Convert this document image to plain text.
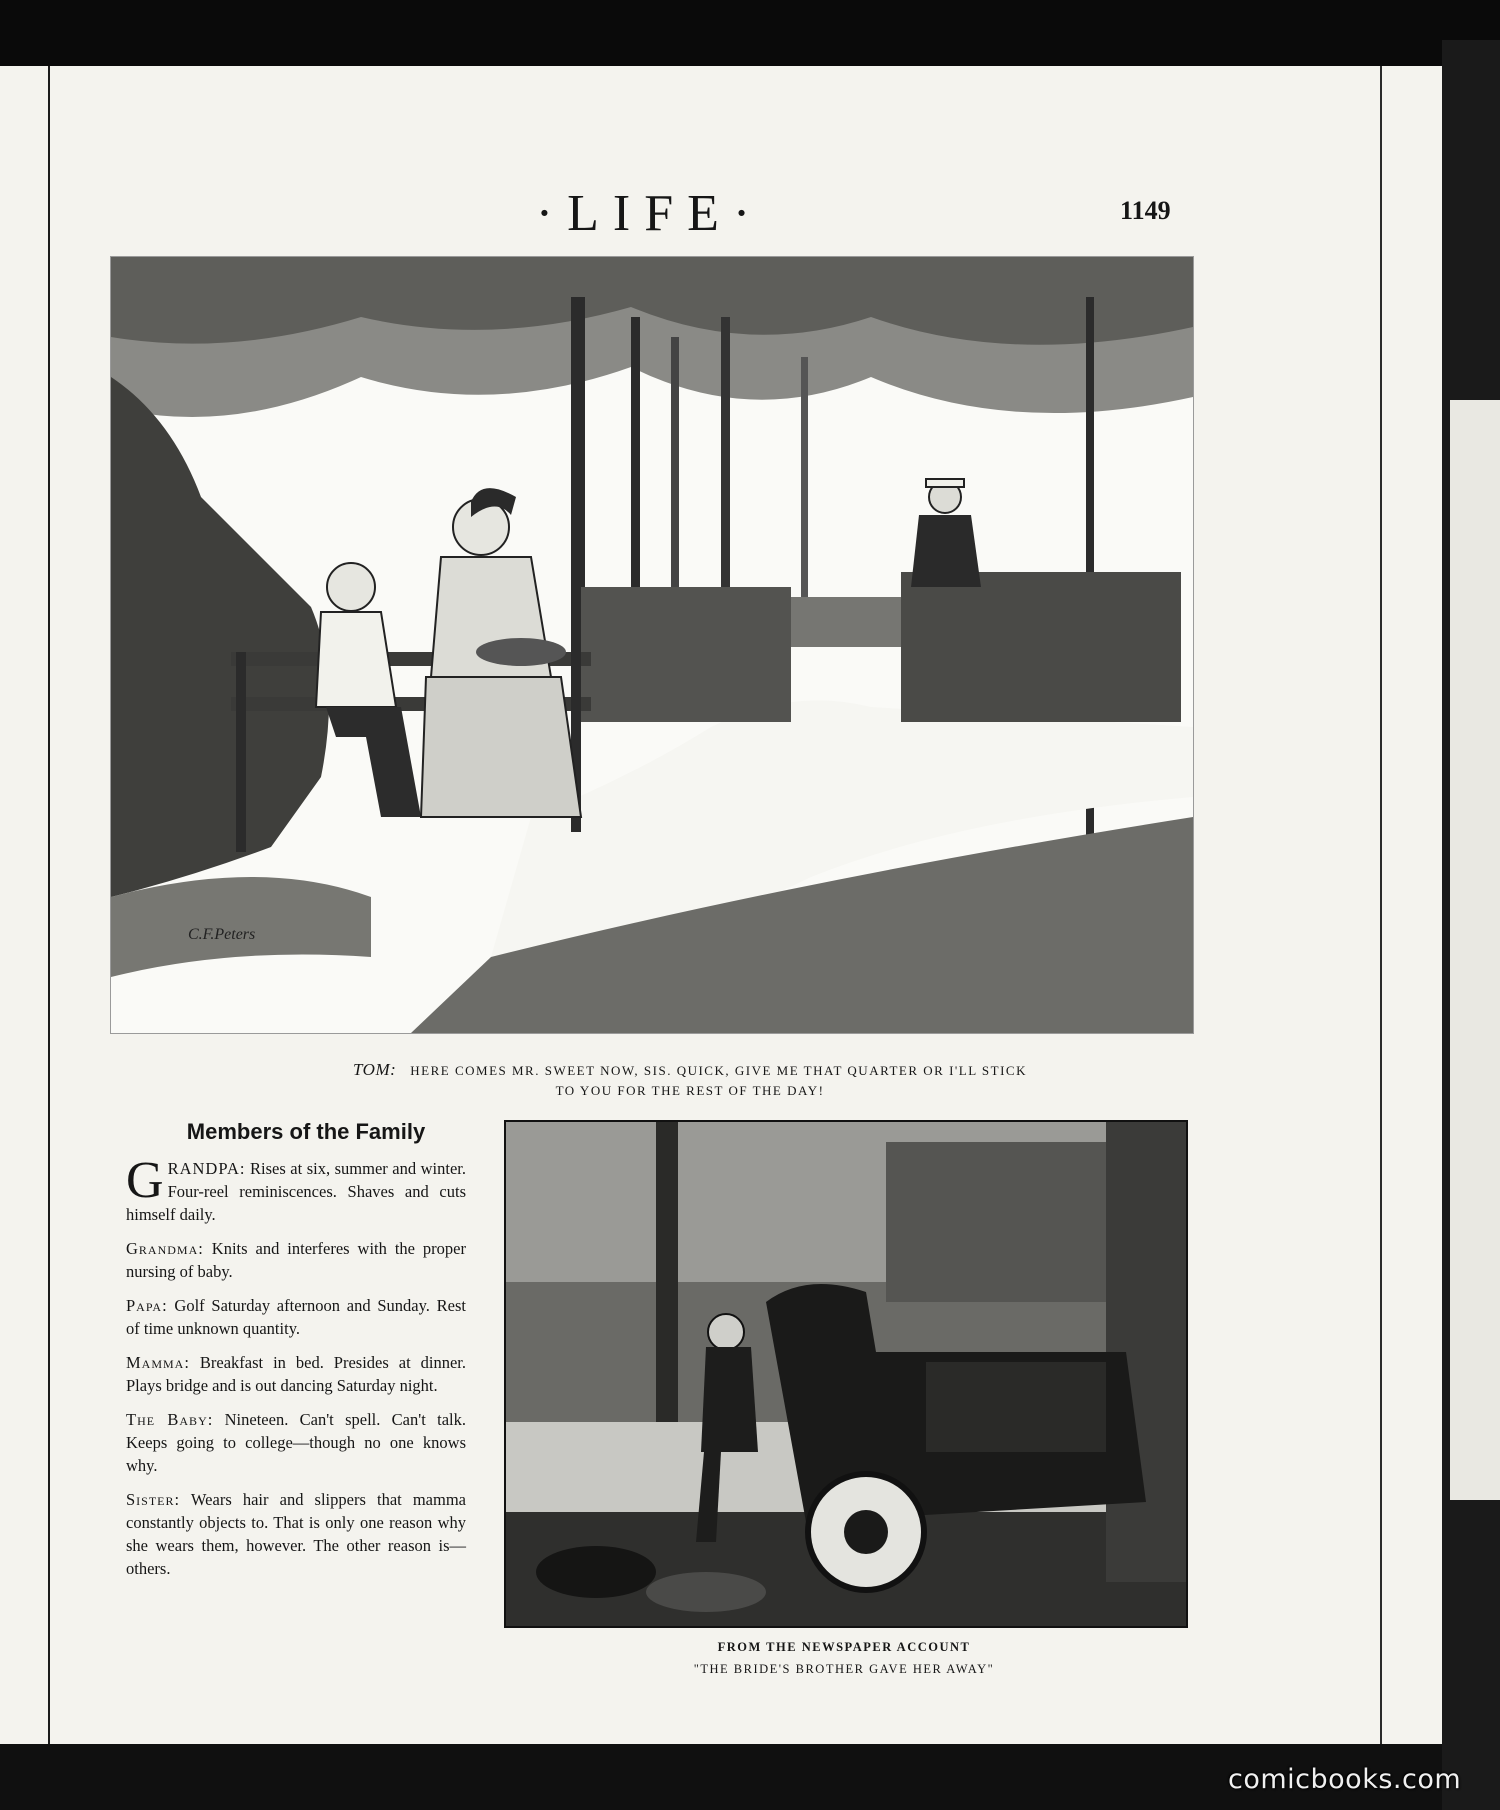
·LIFE·	1149
TOM: HERE COMES MR. SWEET NOW, SIS. QUICK, GIVE ME THAT QUARTER OR I'LL STICK
TO YOU FOR THE REST OF THE DAY!
Members of the Family

GRANDPA: Rises at six, summer and winter. Four-reel reminiscences. Shaves and cuts himself daily.

Grandma: Knits and interferes with the proper nursing of baby.

Papa: Golf Saturday afternoon and Sunday. Rest of time unknown quantity.

Mamma: Breakfast in bed. Presides at dinner. Plays bridge and is out dancing Saturday night.

The Baby: Nineteen. Can't spell. Can't talk. Keeps going to college—though no one knows why.

Sister: Wears hair and slippers that mamma constantly objects to. That is only one reason why she wears them, however. The other reason is—others.

FROM THE NEWSPAPER ACCOUNT
"THE BRIDE'S BROTHER GAVE HER AWAY"
C.F.Peters
comicbooks.com
